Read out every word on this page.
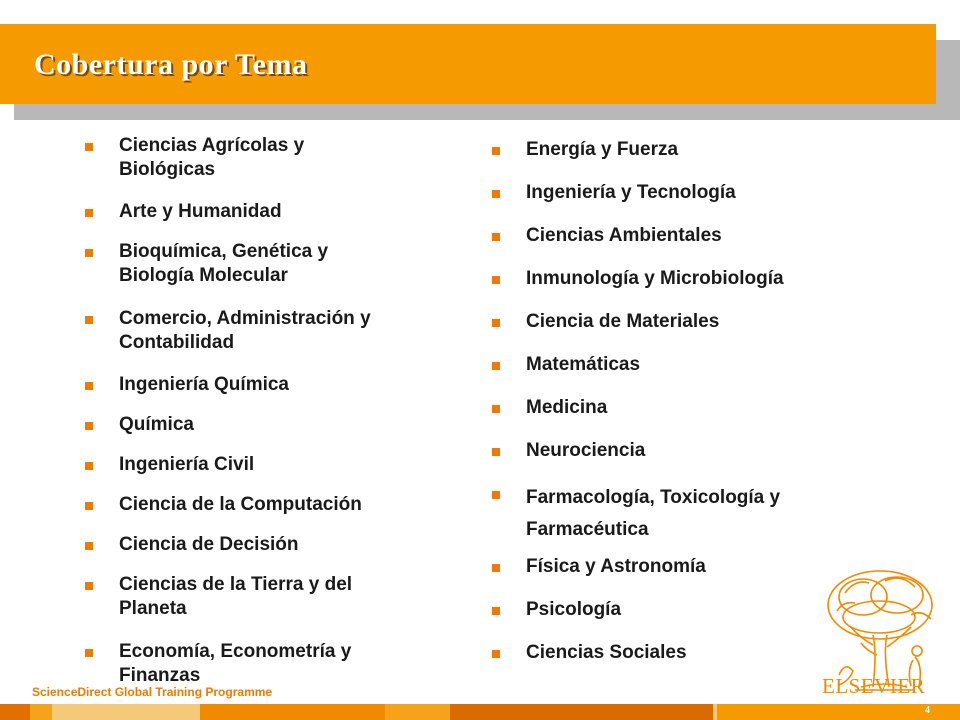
Cobertura por Tema
Ciencias Agrícolas y
Biológicas
Arte y Humanidad
Bioquímica, Genética y
Biología Molecular
Comercio, Administración y
Contabilidad
Ingeniería Química
Química
Ingeniería Civil
Ciencia de la Computación
Ciencia de Decisión
Ciencias de la Tierra y del
Planeta
Economía, Econometría y
Finanzas
Energía y Fuerza
Ingeniería y Tecnología
Ciencias Ambientales
Inmunología y Microbiología
Ciencia de Materiales
Matemáticas
Medicina
Neurociencia
Farmacología, Toxicología y
Farmacéutica
Física y Astronomía
Psicología
Ciencias Sociales
ELSEVIER
ScienceDirect Global Training Programme
4
